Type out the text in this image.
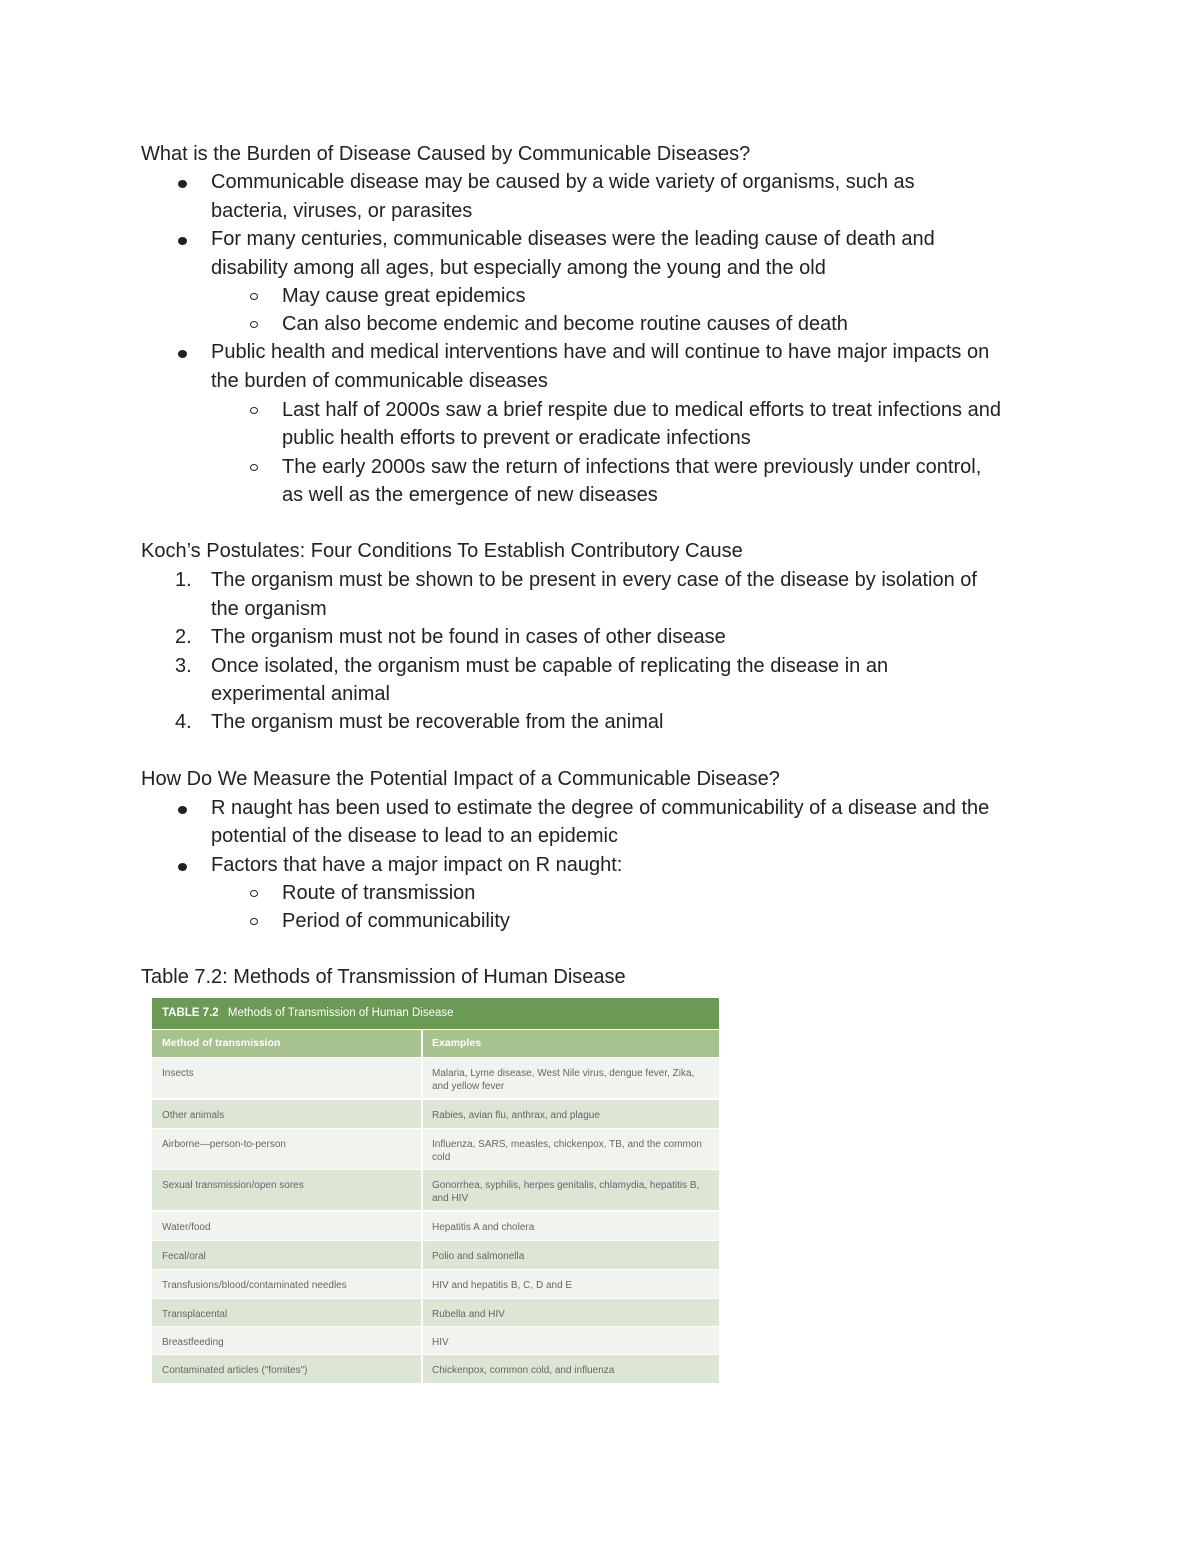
What is the Burden of Disease Caused by Communicable Diseases?
Communicable disease may be caused by a wide variety of organisms, such as
bacteria, viruses, or parasites
For many centuries, communicable diseases were the leading cause of death and
disability among all ages, but especially among the young and the old
May cause great epidemics
Can also become endemic and become routine causes of death
Public health and medical interventions have and will continue to have major impacts on
the burden of communicable diseases
Last half of 2000s saw a brief respite due to medical efforts to treat infections and
public health efforts to prevent or eradicate infections
The early 2000s saw the return of infections that were previously under control,
as well as the emergence of new diseases
Koch’s Postulates: Four Conditions To Establish Contributory Cause
1. The organism must be shown to be present in every case of the disease by isolation of
the organism
2. The organism must not be found in cases of other disease
3. Once isolated, the organism must be capable of replicating the disease in an
experimental animal
4. The organism must be recoverable from the animal
How Do We Measure the Potential Impact of a Communicable Disease?
R naught has been used to estimate the degree of communicability of a disease and the
potential of the disease to lead to an epidemic
Factors that have a major impact on R naught:
Route of transmission
Period of communicability
Table 7.2: Methods of Transmission of Human Disease
TABLE 7.2 Methods of Transmission of Human Disease
Method of transmission	Examples
Insects	Malaria, Lyme disease, West Nile virus, dengue fever, Zika, and yellow fever
Other animals	Rabies, avian flu, anthrax, and plague
Airborne—person-to-person	Influenza, SARS, measles, chickenpox, TB, and the common cold
Sexual transmission/open sores	Gonorrhea, syphilis, herpes genitalis, chlamydia, hepatitis B, and HIV
Water/food	Hepatitis A and cholera
Fecal/oral	Polio and salmonella
Transfusions/blood/contaminated needles	HIV and hepatitis B, C, D and E
Transplacental	Rubella and HIV
Breastfeeding	HIV
Contaminated articles ("fomites")	Chickenpox, common cold, and influenza
